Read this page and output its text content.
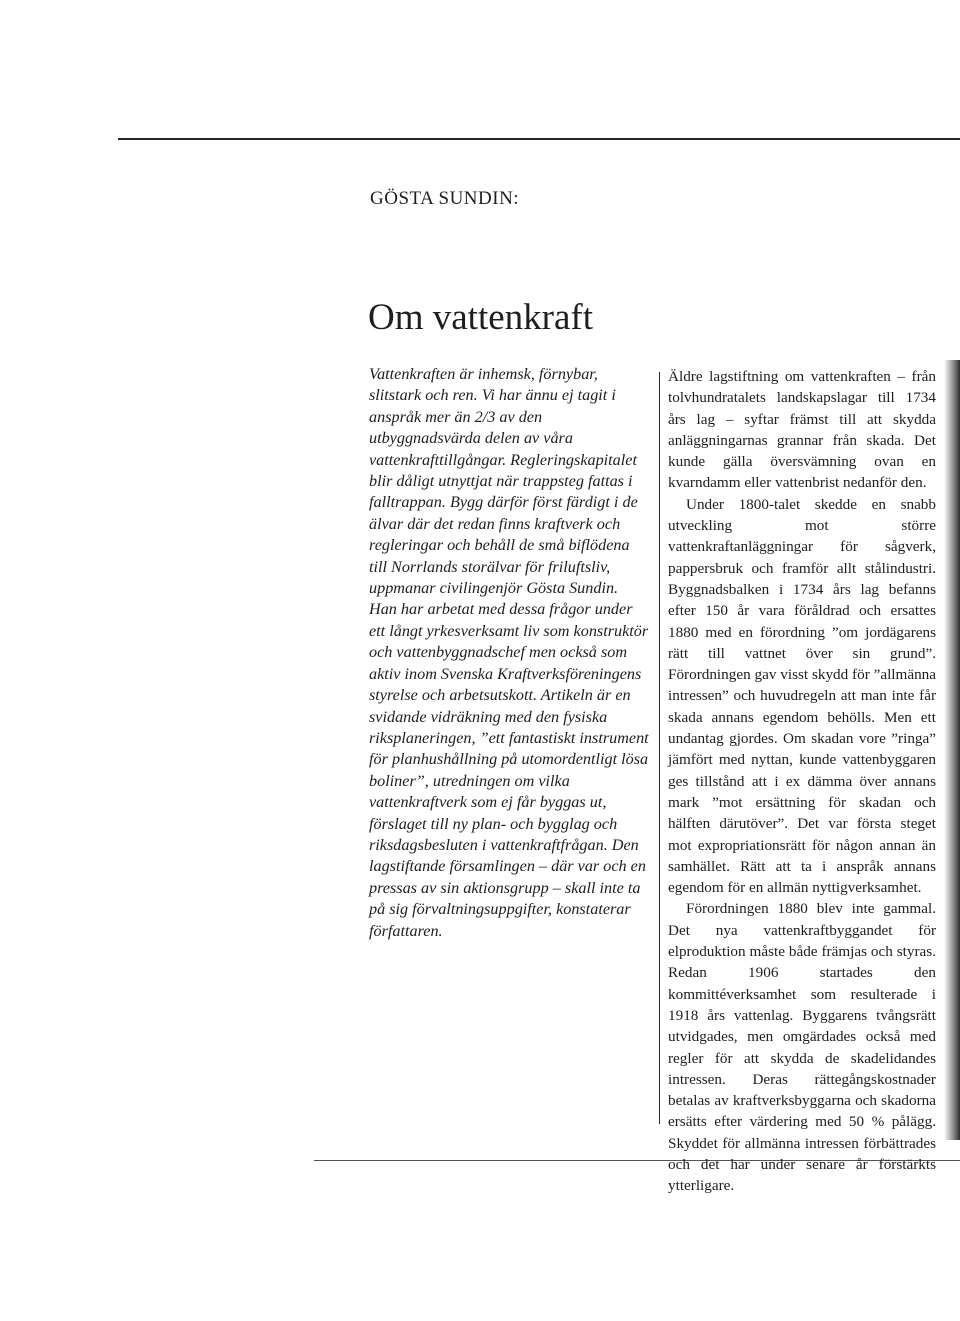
GÖSTA SUNDIN:
Om vattenkraft

Vattenkraften är inhemsk, förnybar, slitstark och ren. Vi har ännu ej tagit i anspråk mer än 2/3 av den utbyggnadsvärda delen av våra vattenkrafttillgångar. Regleringskapitalet blir dåligt utnyttjat när trappsteg fattas i falltrappan. Bygg därför först färdigt i de älvar där det redan finns kraftverk och regleringar och behåll de små biflödena till Norrlands storälvar för friluftsliv, uppmanar civilingenjör Gösta Sundin. Han har arbetat med dessa frågor under ett långt yrkesverksamt liv som konstruktör och vattenbyggnadschef men också som aktiv inom Svenska Kraftverksföreningens styrelse och arbetsutskott. Artikeln är en svidande vidräkning med den fysiska riksplaneringen, ”ett fantastiskt instrument för planhushållning på utomordentligt lösa boliner”, utredningen om vilka vattenkraftverk som ej får byggas ut, förslaget till ny plan- och bygglag och riksdagsbesluten i vattenkraftfrågan. Den lagstiftande församlingen – där var och en pressas av sin aktionsgrupp – skall inte ta på sig förvaltningsuppgifter, konstaterar författaren.

Äldre lagstiftning om vattenkraften – från tolvhundratalets landskapslagar till 1734 års lag – syftar främst till att skydda anläggningarnas grannar från skada. Det kunde gälla översvämning ovan en kvarndamm eller vattenbrist nedanför den.

Under 1800-talet skedde en snabb utveckling mot större vattenkraftanläggningar för sågverk, pappersbruk och framför allt stålindustri. Byggnadsbalken i 1734 års lag befanns efter 150 år vara föråldrad och ersattes 1880 med en förordning ”om jordägarens rätt till vattnet över sin grund”. Förordningen gav visst skydd för ”allmänna intressen” och huvudregeln att man inte får skada annans egendom behölls. Men ett undantag gjordes. Om skadan vore ”ringa” jämfört med nyttan, kunde vattenbyggaren ges tillstånd att i ex dämma över annans mark ”mot ersättning för skadan och hälften därutöver”. Det var första steget mot expropriationsrätt för någon annan än samhället. Rätt att ta i anspråk annans egendom för en allmän nyttigverksamhet.

Förordningen 1880 blev inte gammal. Det nya vattenkraftbyggandet för elproduktion måste både främjas och styras. Redan 1906 startades den kommittéverksamhet som resulterade i 1918 års vattenlag. Byggarens tvångsrätt utvidgades, men omgärdades också med regler för att skydda de skadelidandes intressen. Deras rättegångskostnader betalas av kraftverksbyggarna och skadorna ersätts efter värdering med 50 % pålägg. Skyddet för allmänna intressen förbättrades och det har under senare år förstärkts ytterligare.
